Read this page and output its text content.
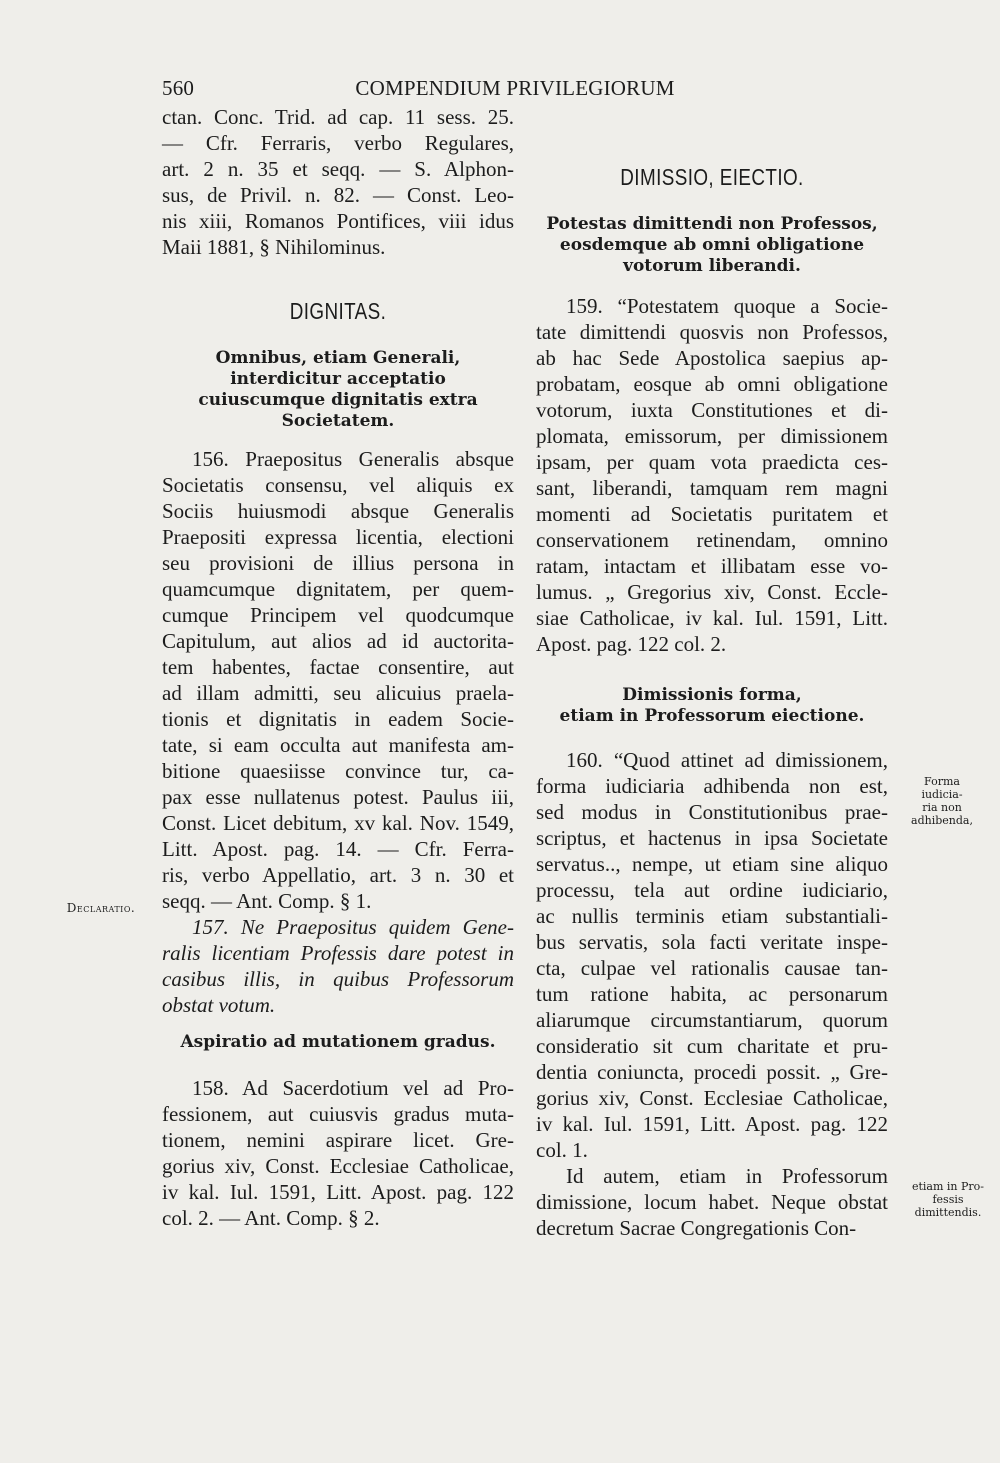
560	COMPENDIUM PRIVILEGIORUM
ctan. Conc. Trid. ad cap. 11 sess. 25.
— Cfr. Ferraris, verbo Regulares,
art. 2 n. 35 et seqq. — S. Alphon-
sus, de Privil. n. 82. — Const. Leo-
nis xiii, Romanos Pontifices, viii idus
Maii 1881, § Nihilominus.
DIGNITAS.
Omnibus, etiam Generali,
interdicitur acceptatio
cuiuscumque dignitatis extra Societatem.
156. Praepositus Generalis absque
Societatis consensu, vel aliquis ex
Sociis huiusmodi absque Generalis
Praepositi expressa licentia, electioni
seu provisioni de illius persona in
quamcumque dignitatem, per quem-
cumque Principem vel quodcumque
Capitulum, aut alios ad id auctorita-
tem habentes, factae consentire, aut
ad illam admitti, seu alicuius praela-
tionis et dignitatis in eadem Socie-
tate, si eam occulta aut manifesta am-
bitione quaesiisse convince tur, ca-
pax esse nullatenus potest. Paulus iii,
Const. Licet debitum, xv kal. Nov. 1549,
Litt. Apost. pag. 14. — Cfr. Ferra-
ris, verbo Appellatio, art. 3 n. 30 et
seqq. — Ant. Comp. § 1.
157. Ne Praepositus quidem Gene-
ralis licentiam Professis dare potest in
casibus illis, in quibus Professorum
obstat votum.
Aspiratio ad mutationem gradus.
158. Ad Sacerdotium vel ad Pro-
fessionem, aut cuiusvis gradus muta-
tionem, nemini aspirare licet. Gre-
gorius xiv, Const. Ecclesiae Catholicae,
iv kal. Iul. 1591, Litt. Apost. pag. 122
col. 2. — Ant. Comp. § 2.
DIMISSIO, EIECTIO.
Potestas dimittendi non Professos,
eosdemque ab omni obligatione
votorum liberandi.
159. “Potestatem quoque a Socie-
tate dimittendi quosvis non Professos,
ab hac Sede Apostolica saepius ap-
probatam, eosque ab omni obligatione
votorum, iuxta Constitutiones et di-
plomata, emissorum, per dimissionem
ipsam, per quam vota praedicta ces-
sant, liberandi, tamquam rem magni
momenti ad Societatis puritatem et
conservationem retinendam, omnino
ratam, intactam et illibatam esse vo-
lumus. „ Gregorius xiv, Const. Eccle-
siae Catholicae, iv kal. Iul. 1591, Litt.
Apost. pag. 122 col. 2.
Dimissionis forma,
etiam in Professorum eiectione.
160. “Quod attinet ad dimissionem,
forma iudiciaria adhibenda non est,
sed modus in Constitutionibus prae-
scriptus, et hactenus in ipsa Societate
servatus.., nempe, ut etiam sine aliquo
processu, tela aut ordine iudiciario,
ac nullis terminis etiam substantiali-
bus servatis, sola facti veritate inspe-
cta, culpae vel rationalis causae tan-
tum ratione habita, ac personarum
aliarumque circumstantiarum, quorum
consideratio sit cum charitate et pru-
dentia coniuncta, procedi possit. „ Gre-
gorius xiv, Const. Ecclesiae Catholicae,
iv kal. Iul. 1591, Litt. Apost. pag. 122
col. 1.
Id autem, etiam in Professorum
dimissione, locum habet. Neque obstat
decretum Sacrae Congregationis Con-
Declaratio.
Forma iudicia-
ria non
adhibenda,
etiam in Pro-
fessis
dimittendis.
